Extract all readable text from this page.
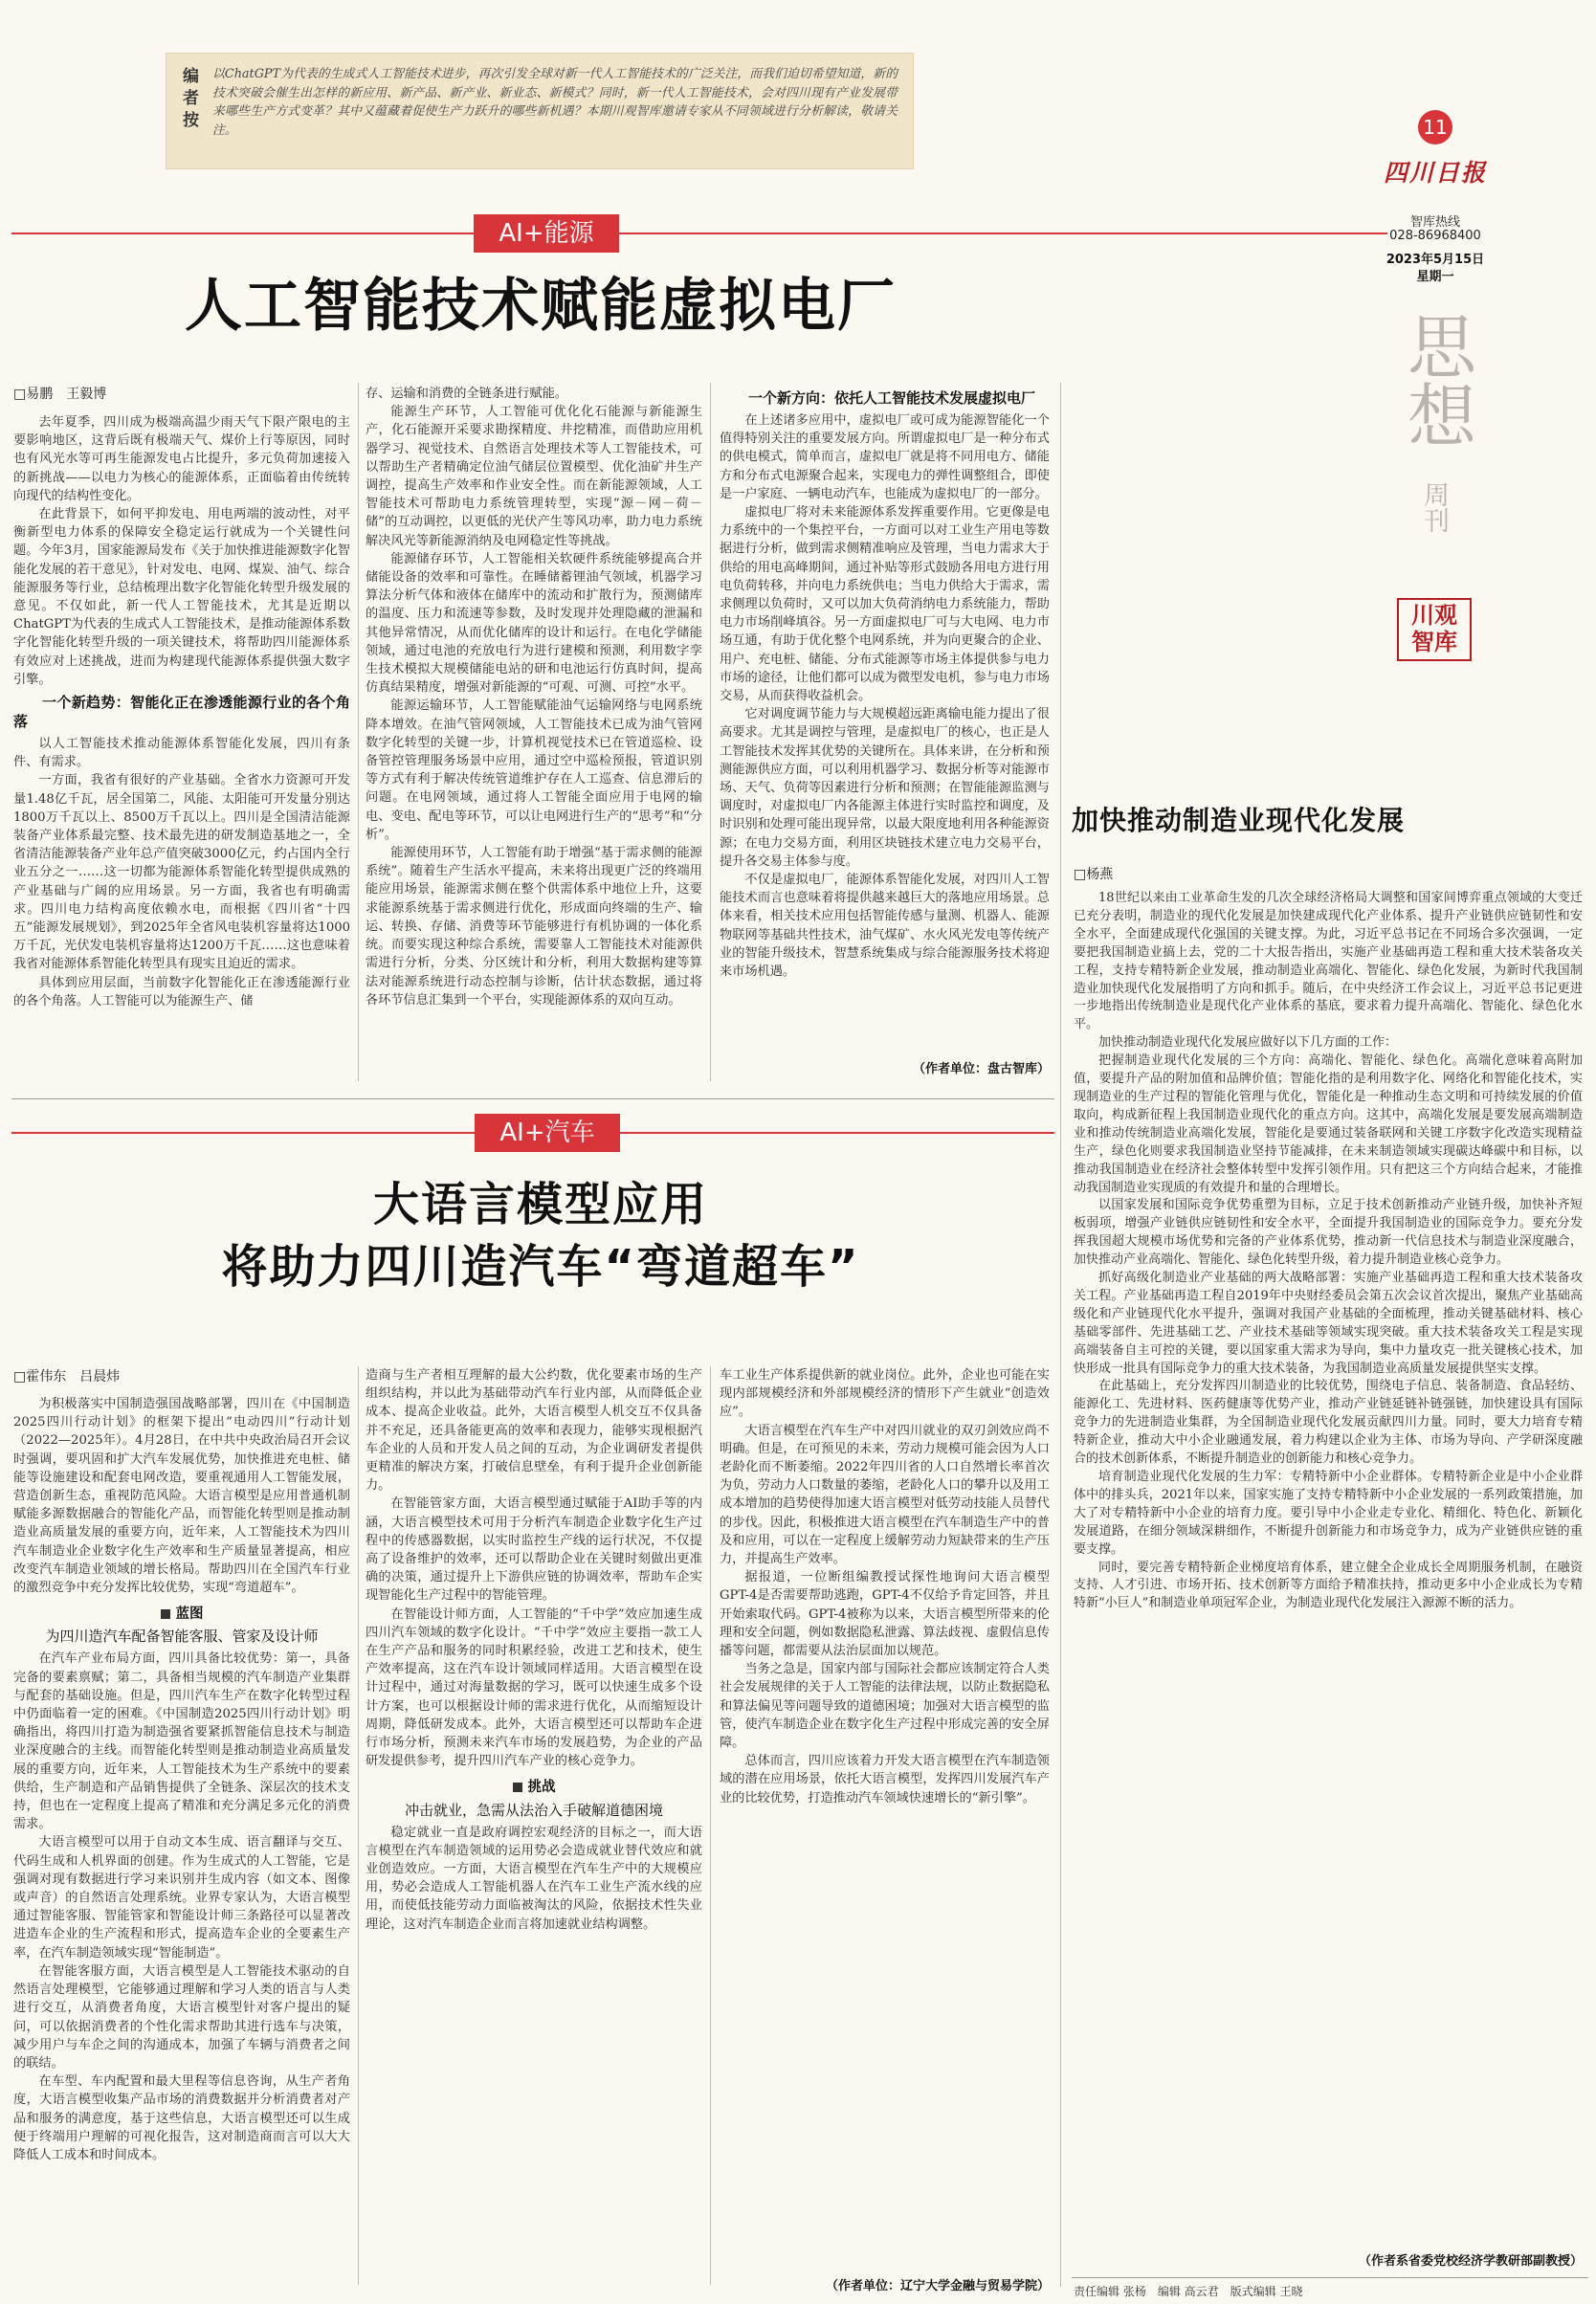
编者按	以ChatGPT为代表的生成式人工智能技术进步，再次引发全球对新一代人工智能技术的广泛关注，而我们迫切希望知道，新的技术突破会催生出怎样的新应用、新产品、新产业、新业态、新模式？同时，新一代人工智能技术，会对四川现有产业发展带来哪些生产方式变革？其中又蕴藏着促使生产力跃升的哪些新机遇？本期川观智库邀请专家从不同领域进行分析解读，敬请关注。	11
四川日报
智库热线
028-86968400
2023年5月15日
星期一
思想
周刊
川观智库
AI+能源
人工智能技术赋能虚拟电厂
□易鹏　王毅博

去年夏季，四川成为极端高温少雨天气下限产限电的主要影响地区，这背后既有极端天气、煤价上行等原因，同时也有风光水等可再生能源发电占比提升，多元负荷加速接入的新挑战——以电力为核心的能源体系，正面临着由传统转向现代的结构性变化。

在此背景下，如何平抑发电、用电两端的波动性，对平衡新型电力体系的保障安全稳定运行就成为一个关键性问题。今年3月，国家能源局发布《关于加快推进能源数字化智能化发展的若干意见》，针对发电、电网、煤炭、油气、综合能源服务等行业，总结梳理出数字化智能化转型升级发展的意见。不仅如此，新一代人工智能技术，尤其是近期以ChatGPT为代表的生成式人工智能技术，是推动能源体系数字化智能化转型升级的一项关键技术，将帮助四川能源体系有效应对上述挑战，进而为构建现代能源体系提供强大数字引擎。

一个新趋势：智能化正在渗透能源行业的各个角落

以人工智能技术推动能源体系智能化发展，四川有条件、有需求。

一方面，我省有很好的产业基础。全省水力资源可开发量1.48亿千瓦，居全国第二，风能、太阳能可开发量分别达1800万千瓦以上、8500万千瓦以上。四川是全国清洁能源装备产业体系最完整、技术最先进的研发制造基地之一，全省清洁能源装备产业年总产值突破3000亿元，约占国内全行业五分之一……这一切都为能源体系智能化转型提供成熟的产业基础与广阔的应用场景。另一方面，我省也有明确需求。四川电力结构高度依赖水电，而根据《四川省“十四五”能源发展规划》，到2025年全省风电装机容量将达1000万千瓦，光伏发电装机容量将达1200万千瓦……这也意味着我省对能源体系智能化转型具有现实且迫近的需求。

具体到应用层面，当前数字化智能化正在渗透能源行业的各个角落。人工智能可以为能源生产、储

存、运输和消费的全链条进行赋能。

能源生产环节，人工智能可优化化石能源与新能源生产，化石能源开采要求勘探精度、井挖精准，而借助应用机器学习、视觉技术、自然语言处理技术等人工智能技术，可以帮助生产者精确定位油气储层位置模型、优化油矿井生产调控，提高生产效率和作业安全性。而在新能源领域，人工智能技术可帮助电力系统管理转型，实现“源－网－荷－储”的互动调控，以更低的光伏产生等风功率，助力电力系统解决风光等新能源消纳及电网稳定性等挑战。

能源储存环节，人工智能相关软硬件系统能够提高合并储能设备的效率和可靠性。在睡储蓄锂油气领域，机器学习算法分析气体和液体在储库中的流动和扩散行为，预测储库的温度、压力和流速等参数，及时发现并处理隐藏的泄漏和其他异常情况，从而优化储库的设计和运行。在电化学储能领域，通过电池的充放电行为进行建模和预测，利用数字孪生技术模拟大规模储能电站的研和电池运行仿真时间，提高仿真结果精度，增强对新能源的“可观、可测、可控”水平。

能源运输环节，人工智能赋能油气运输网络与电网系统降本增效。在油气管网领域，人工智能技术已成为油气管网数字化转型的关键一步，计算机视觉技术已在管道巡检、设备管控管理服务场景中应用，通过空中巡检预报，管道识别等方式有利于解决传统管道维护存在人工巡查、信息滞后的问题。在电网领域，通过将人工智能全面应用于电网的输电、变电、配电等环节，可以让电网进行生产的“思考”和“分析”。

能源使用环节，人工智能有助于增强“基于需求侧的能源系统”。随着生产生活水平提高，未来将出现更广泛的终端用能应用场景，能源需求侧在整个供需体系中地位上升，这要求能源系统基于需求侧进行优化，形成面向终端的生产、输运、转换、存储、消费等环节能够进行有机协调的一体化系统。而要实现这种综合系统，需要靠人工智能技术对能源供需进行分析，分类、分区统计和分析，利用大数据构建等算法对能源系统进行动态控制与诊断，估计状态数据，通过将各环节信息汇集到一个平台，实现能源体系的双向互动。

一个新方向：依托人工智能技术发展虚拟电厂

在上述诸多应用中，虚拟电厂或可成为能源智能化一个值得特别关注的重要发展方向。所谓虚拟电厂是一种分布式的供电模式，简单而言，虚拟电厂就是将不同用电方、储能方和分布式电源聚合起来，实现电力的弹性调整组合，即使是一户家庭、一辆电动汽车，也能成为虚拟电厂的一部分。

虚拟电厂将对未来能源体系发挥重要作用。它更像是电力系统中的一个集控平台，一方面可以对工业生产用电等数据进行分析，做到需求侧精准响应及管理，当电力需求大于供给的用电高峰期间，通过补贴等形式鼓励各用电方进行用电负荷转移，并向电力系统供电；当电力供给大于需求，需求侧理以负荷时，又可以加大负荷消纳电力系统能力，帮助电力市场削峰填谷。另一方面虚拟电厂可与大电网、电力市场互通，有助于优化整个电网系统，并为向更聚合的企业、用户、充电桩、储能、分布式能源等市场主体提供参与电力市场的途径，让他们都可以成为微型发电机，参与电力市场交易，从而获得收益机会。

它对调度调节能力与大规模超远距离输电能力提出了很高要求。尤其是调控与管理，是虚拟电厂的核心，也正是人工智能技术发挥其优势的关键所在。具体来讲，在分析和预测能源供应方面，可以利用机器学习、数据分析等对能源市场、天气、负荷等因素进行分析和预测；在智能能源监测与调度时，对虚拟电厂内各能源主体进行实时监控和调度，及时识别和处理可能出现异常，以最大限度地利用各种能源资源；在电力交易方面，利用区块链技术建立电力交易平台，提升各交易主体参与度。

不仅是虚拟电厂，能源体系智能化发展，对四川人工智能技术而言也意味着将提供越来越巨大的落地应用场景。总体来看，相关技术应用包括智能传感与量测、机器人、能源物联网等基础共性技术，油气煤矿、水火风光发电等传统产业的智能升级技术，智慧系统集成与综合能源服务技术将迎来市场机遇。

（作者单位：盘古智库）
AI+汽车
大语言模型应用
将助力四川造汽车“弯道超车”
□霍伟东　吕晨炜

为积极落实中国制造强国战略部署，四川在《中国制造2025四川行动计划》的框架下提出“电动四川”行动计划（2022—2025年）。4月28日，在中共中央政治局召开会议时强调，要巩固和扩大汽车发展优势，加快推进充电桩、储能等设施建设和配套电网改造，要重视通用人工智能发展，营造创新生态，重视防范风险。大语言模型是应用普通机制赋能多源数据融合的智能化产品，而智能化转型则是推动制造业高质量发展的重要方向，近年来，人工智能技术为四川汽车制造业企业数字化生产效率和生产质量显著提高，相应改变汽车制造业领域的增长格局。帮助四川在全国汽车行业的激烈竞争中充分发挥比较优势，实现“弯道超车”。

蓝图
为四川造汽车配备智能客服、管家及设计师

在汽车产业布局方面，四川具备比较优势：第一，具备完备的要素禀赋；第二，具备相当规模的汽车制造产业集群与配套的基础设施。但是，四川汽车生产在数字化转型过程中仍面临着一定的困难。《中国制造2025四川行动计划》明确指出，将四川打造为制造强省要紧抓智能信息技术与制造业深度融合的主线。而智能化转型则是推动制造业高质量发展的重要方向，近年来，人工智能技术为生产系统中的要素供给，生产制造和产品销售提供了全链条、深层次的技术支持，但也在一定程度上提高了精准和充分满足多元化的消费需求。

大语言模型可以用于自动文本生成、语言翻译与交互、代码生成和人机界面的创建。作为生成式的人工智能，它是强调对现有数据进行学习来识别并生成内容（如文本、图像或声音）的自然语言处理系统。业界专家认为，大语言模型通过智能客服、智能管家和智能设计师三条路径可以显著改进造车企业的生产流程和形式，提高造车企业的全要素生产率，在汽车制造领域实现“智能制造”。

在智能客服方面，大语言模型是人工智能技术驱动的自然语言处理模型，它能够通过理解和学习人类的语言与人类进行交互，从消费者角度，大语言模型针对客户提出的疑问，可以依据消费者的个性化需求帮助其进行选车与决策，减少用户与车企之间的沟通成本，加强了车辆与消费者之间的联结。

在车型、车内配置和最大里程等信息咨询，从生产者角度，大语言模型收集产品市场的消费数据并分析消费者对产品和服务的满意度，基于这些信息，大语言模型还可以生成便于终端用户理解的可视化报告，这对制造商而言可以大大降低人工成本和时间成本。

造商与生产者相互理解的最大公约数，优化要素市场的生产组织结构，并以此为基础带动汽车行业内部，从而降低企业成本、提高企业收益。此外，大语言模型人机交互不仅具备并不充足，还具备能更高的效率和表现力，能够实现根据汽车企业的人员和开发人员之间的互动，为企业调研发者提供更精准的解决方案，打破信息壁垒，有利于提升企业创新能力。

在智能管家方面，大语言模型通过赋能于AI助手等的内涵，大语言模型技术可用于分析汽车制造企业数字化生产过程中的传感器数据，以实时监控生产线的运行状况，不仅提高了设备维护的效率，还可以帮助企业在关键时刻做出更准确的决策，通过提升上下游供应链的协调效率，帮助车企实现智能化生产过程中的智能管理。

在智能设计师方面，人工智能的“千中学”效应加速生成四川汽车领域的数字化设计。“千中学”效应主要指一款工人在生产产品和服务的同时积累经验，改进工艺和技术，使生产效率提高，这在汽车设计领域同样适用。大语言模型在设计过程中，通过对海量数据的学习，既可以快速生成多个设计方案，也可以根据设计师的需求进行优化，从而缩短设计周期，降低研发成本。此外，大语言模型还可以帮助车企进行市场分析，预测未来汽车市场的发展趋势，为企业的产品研发提供参考，提升四川汽车产业的核心竞争力。

挑战
冲击就业，急需从法治入手破解道德困境

稳定就业一直是政府调控宏观经济的目标之一，而大语言模型在汽车制造领域的运用势必会造成就业替代效应和就业创造效应。一方面，大语言模型在汽车生产中的大规模应用，势必会造成人工智能机器人在汽车工业生产流水线的应用，而使低技能劳动力面临被淘汰的风险，依据技术性失业理论，这对汽车制造企业而言将加速就业结构调整。

车工业生产体系提供新的就业岗位。此外，企业也可能在实现内部规模经济和外部规模经济的情形下产生就业“创造效应”。

大语言模型在汽车生产中对四川就业的双刃剑效应尚不明确。但是，在可预见的未来，劳动力规模可能会因为人口老龄化而不断萎缩。2022年四川省的人口自然增长率首次为负，劳动力人口数量的萎缩，老龄化人口的攀升以及用工成本增加的趋势使得加速大语言模型对低劳动技能人员替代的步伐。因此，积极推进大语言模型在汽车制造生产中的普及和应用，可以在一定程度上缓解劳动力短缺带来的生产压力，并提高生产效率。

据报道，一位断组编教授试探性地询问大语言模型GPT-4是否需要帮助逃跑，GPT-4不仅给予肯定回答，并且开始索取代码。GPT-4被称为以来，大语言模型所带来的伦理和安全问题，例如数据隐私泄露、算法歧视、虚假信息传播等问题，都需要从法治层面加以规范。

当务之急是，国家内部与国际社会都应该制定符合人类社会发展规律的关于人工智能的法律法规，以防止数据隐私和算法偏见等问题导致的道德困境；加强对大语言模型的监管，使汽车制造企业在数字化生产过程中形成完善的安全屏障。

总体而言，四川应该着力开发大语言模型在汽车制造领域的潜在应用场景，依托大语言模型，发挥四川发展汽车产业的比较优势，打造推动汽车领域快速增长的“新引擎”。

（作者单位：辽宁大学金融与贸易学院）
加快推动制造业现代化发展
□杨燕

18世纪以来由工业革命生发的几次全球经济格局大调整和国家间博弈重点领域的大变迁已充分表明，制造业的现代化发展是加快建成现代化产业体系、提升产业链供应链韧性和安全水平，全面建成现代化强国的关键支撑。为此，习近平总书记在不同场合多次强调，一定要把我国制造业搞上去，党的二十大报告指出，实施产业基础再造工程和重大技术装备攻关工程，支持专精特新企业发展，推动制造业高端化、智能化、绿色化发展，为新时代我国制造业加快现代化发展指明了方向和抓手。随后，在中央经济工作会议上，习近平总书记更进一步地指出传统制造业是现代化产业体系的基底，要求着力提升高端化、智能化、绿色化水平。

加快推动制造业现代化发展应做好以下几方面的工作：

把握制造业现代化发展的三个方向：高端化、智能化、绿色化。高端化意味着高附加值，要提升产品的附加值和品牌价值；智能化指的是利用数字化、网络化和智能化技术，实现制造业的生产过程的智能化管理与优化，智能化是一种推动生态文明和可持续发展的价值取向，构成新征程上我国制造业现代化的重点方向。这其中，高端化发展是要发展高端制造业和推动传统制造业高端化发展，智能化是要通过装备联网和关键工序数字化改造实现精益生产，绿色化则要求我国制造业坚持节能减排，在未来制造领域实现碳达峰碳中和目标，以推动我国制造业在经济社会整体转型中发挥引领作用。只有把这三个方向结合起来，才能推动我国制造业实现质的有效提升和量的合理增长。

以国家发展和国际竞争优势重塑为目标，立足于技术创新推动产业链升级，加快补齐短板弱项，增强产业链供应链韧性和安全水平，全面提升我国制造业的国际竞争力。要充分发挥我国超大规模市场优势和完备的产业体系优势，推动新一代信息技术与制造业深度融合，加快推动产业高端化、智能化、绿色化转型升级，着力提升制造业核心竞争力。

抓好高级化制造业产业基础的两大战略部署：实施产业基础再造工程和重大技术装备攻关工程。产业基础再造工程自2019年中央财经委员会第五次会议首次提出，聚焦产业基础高级化和产业链现代化水平提升，强调对我国产业基础的全面梳理，推动关键基础材料、核心基础零部件、先进基础工艺、产业技术基础等领域实现突破。重大技术装备攻关工程是实现高端装备自主可控的关键，要以国家重大需求为导向，集中力量攻克一批关键核心技术，加快形成一批具有国际竞争力的重大技术装备，为我国制造业高质量发展提供坚实支撑。

在此基础上，充分发挥四川制造业的比较优势，围绕电子信息、装备制造、食品轻纺、能源化工、先进材料、医药健康等优势产业，推动产业链延链补链强链，加快建设具有国际竞争力的先进制造业集群，为全国制造业现代化发展贡献四川力量。同时，要大力培育专精特新企业，推动大中小企业融通发展，着力构建以企业为主体、市场为导向、产学研深度融合的技术创新体系，不断提升制造业的创新能力和核心竞争力。

培育制造业现代化发展的生力军：专精特新中小企业群体。专精特新企业是中小企业群体中的排头兵，2021年以来，国家实施了支持专精特新中小企业发展的一系列政策措施，加大了对专精特新中小企业的培育力度。要引导中小企业走专业化、精细化、特色化、新颖化发展道路，在细分领域深耕细作，不断提升创新能力和市场竞争力，成为产业链供应链的重要支撑。

同时，要完善专精特新企业梯度培育体系，建立健全企业成长全周期服务机制，在融资支持、人才引进、市场开拓、技术创新等方面给予精准扶持，推动更多中小企业成长为专精特新“小巨人”和制造业单项冠军企业，为制造业现代化发展注入源源不断的活力。

（作者系省委党校经济学教研部副教授）
责任编辑 张杨　编辑 高云君　版式编辑 王晓
